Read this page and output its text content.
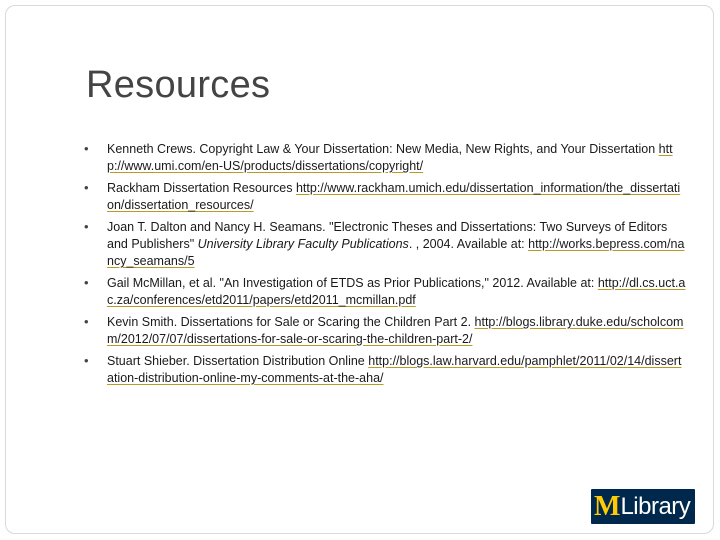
Resources
• Kenneth Crews. Copyright Law & Your Dissertation: New Media, New Rights, and Your Dissertation http://www.umi.com/en-US/products/dissertations/copyright/
• Rackham Dissertation Resources http://www.rackham.umich.edu/dissertation_information/the_dissertation/dissertation_resources/
• Joan T. Dalton and Nancy H. Seamans. "Electronic Theses and Dissertations: Two Surveys of Editors and Publishers" University Library Faculty Publications. , 2004. Available at: http://works.bepress.com/nancy_seamans/5
• Gail McMillan, et al. "An Investigation of ETDS as Prior Publications," 2012. Available at: http://dl.cs.uct.ac.za/conferences/etd2011/papers/etd2011_mcmillan.pdf
• Kevin Smith. Dissertations for Sale or Scaring the Children Part 2. http://blogs.library.duke.edu/scholcomm/2012/07/07/dissertations-for-sale-or-scaring-the-children-part-2/
• Stuart Shieber. Dissertation Distribution Online http://blogs.law.harvard.edu/pamphlet/2011/02/14/dissertation-distribution-online-my-comments-at-the-aha/
M Library
